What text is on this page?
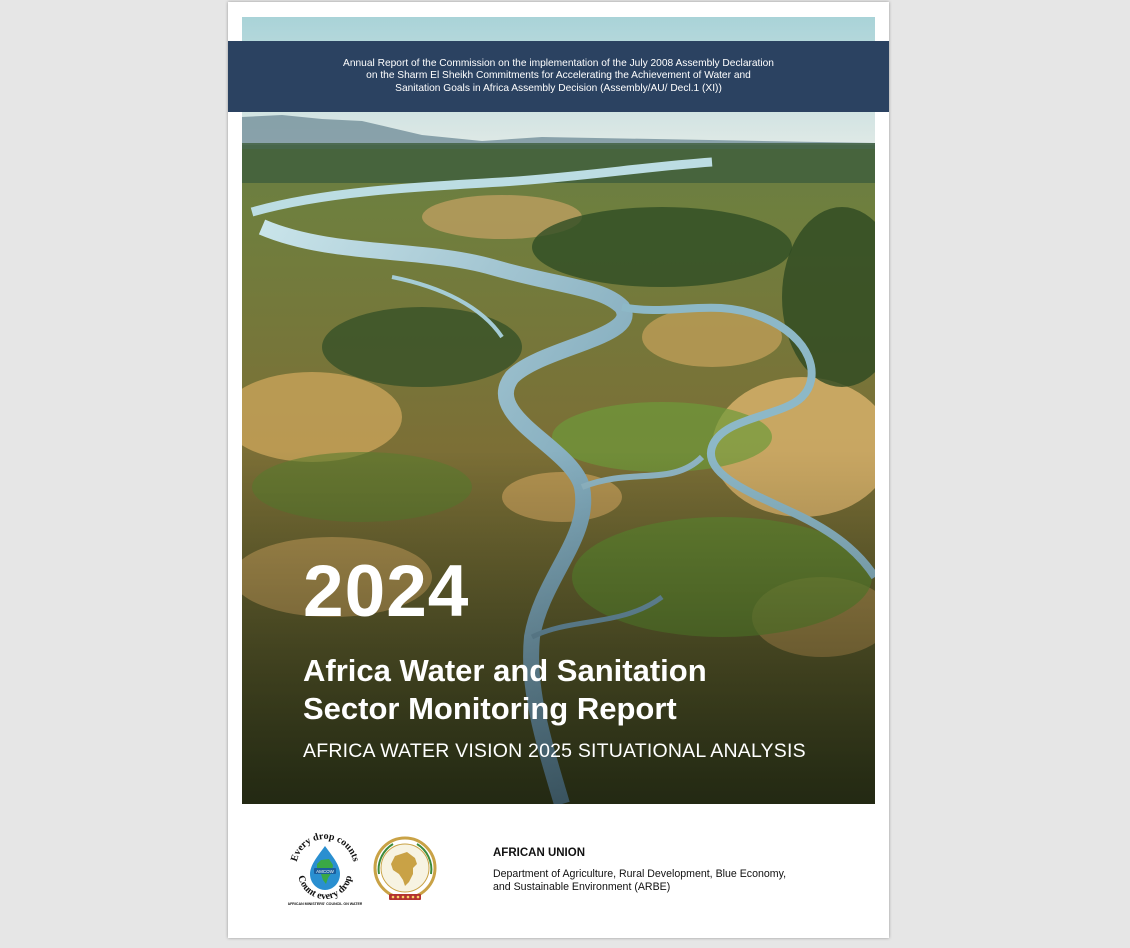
2024
Africa Water and Sanitation
Sector Monitoring Report
AFRICA WATER VISION 2025 SITUATIONAL ANALYSIS
Annual Report of the Commission on the implementation of the July 2008 Assembly Declaration
on the Sharm El Sheikh Commitments for Accelerating the Achievement of Water and
Sanitation Goals in Africa Assembly Decision (Assembly/AU/ Decl.1 (XI))
Every drop counts
Count every drop
AMCOW
AFRICAN MINISTERS' COUNCIL ON WATER
AFRICAN UNION
Department of Agriculture, Rural Development, Blue Economy,
and Sustainable Environment (ARBE)
